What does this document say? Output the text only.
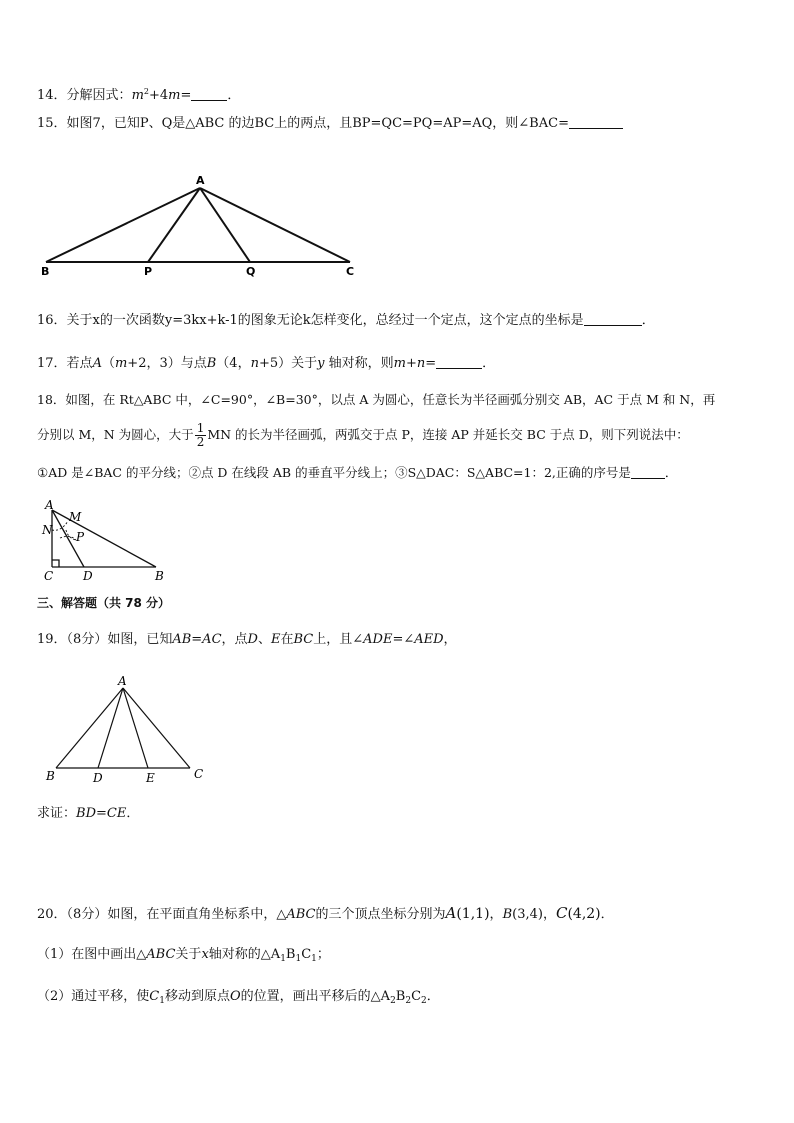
14．分解因式：$m^2+4m=$	．
15．如图7，已知P、Q是△ABC 的边BC上的两点，且BP=QC=PQ=AP=AQ，则∠BAC=
A
B	P	Q	C
16．关于x的一次函数y=3kx+k-1的图象无论k怎样变化，总经过一个定点，这个定点的坐标是	．
17．若点A（m+2，3）与点B（4，n+5）关于y 轴对称，则m+n=	．
18．如图，在 Rt△ABC 中，∠C=90°，∠B=30°，以点 A 为圆心，任意长为半径画弧分别交 AB，AC 于点 M 和 N，再
分别以 M，N 为圆心，大于 $\frac{1}{2}$ MN 的长为半径画弧，两弧交于点 P，连接 AP 并延长交 BC 于点 D，则下列说法中：
①AD 是∠BAC 的平分线；②点 D 在线段 AB 的垂直平分线上；③S△DAC：S△ABC=1：2,正确的序号是	．
A
M
N P
C D	B
三、解答题（共 78 分）
19．（8分）如图，已知AB=AC，点D、E在BC上，且∠ADE=∠AED，
A
B	D	E	C
求证：BD=CE．
20．（8分）如图，在平面直角坐标系中，△ABC的三个顶点坐标分别为A(1,1)，B(3,4)，C(4,2)．
（1）在图中画出△ABC关于x轴对称的$\triangle A_1B_1C_1$；
（2）通过平移，使$C_1$移动到原点O的位置，画出平移后的$\triangle A_2B_2C_2$．
